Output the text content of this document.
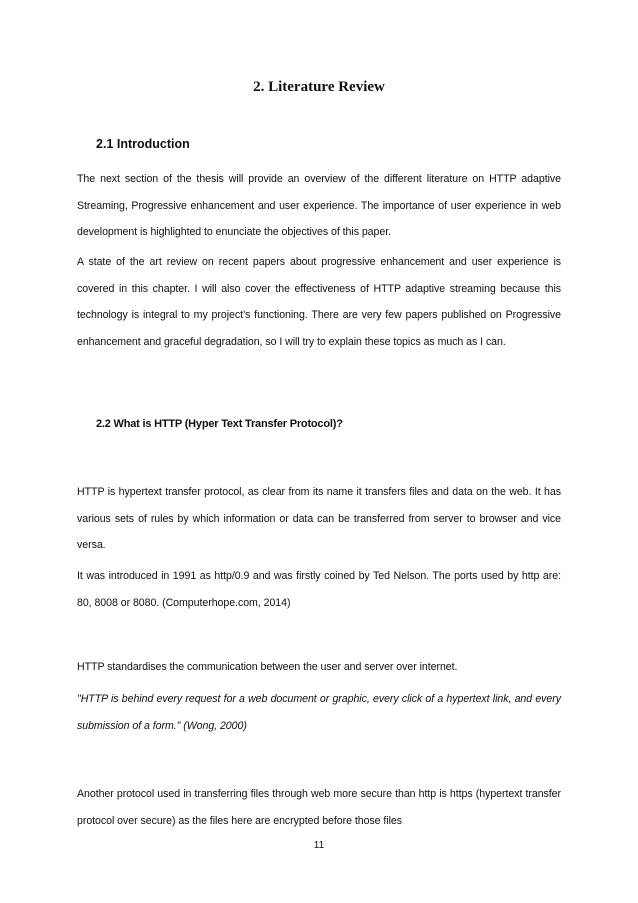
2. Literature Review
2.1 Introduction

The next section of the thesis will provide an overview of the different literature on HTTP adaptive Streaming, Progressive enhancement and user experience. The importance of user experience in web development is highlighted to enunciate the objectives of this paper.

A state of the art review on recent papers about progressive enhancement and user experience is covered in this chapter. I will also cover the effectiveness of HTTP adaptive streaming because this technology is integral to my project’s functioning. There are very few papers published on Progressive enhancement and graceful degradation, so I will try to explain these topics as much as I can.

2.2 What is HTTP (Hyper Text Transfer Protocol)?

HTTP is hypertext transfer protocol, as clear from its name it transfers files and data on the web. It has various sets of rules by which information or data can be transferred from server to browser and vice versa.

It was introduced in 1991 as http/0.9 and was firstly coined by Ted Nelson. The ports used by http are: 80, 8008 or 8080. (Computerhope.com, 2014)

HTTP standardises the communication between the user and server over internet.

"HTTP is behind every request for a web document or graphic, every click of a hypertext link, and every submission of a form." (Wong, 2000)

Another protocol used in transferring files through web more secure than http is https (hypertext transfer protocol over secure) as the files here are encrypted before those files

11
